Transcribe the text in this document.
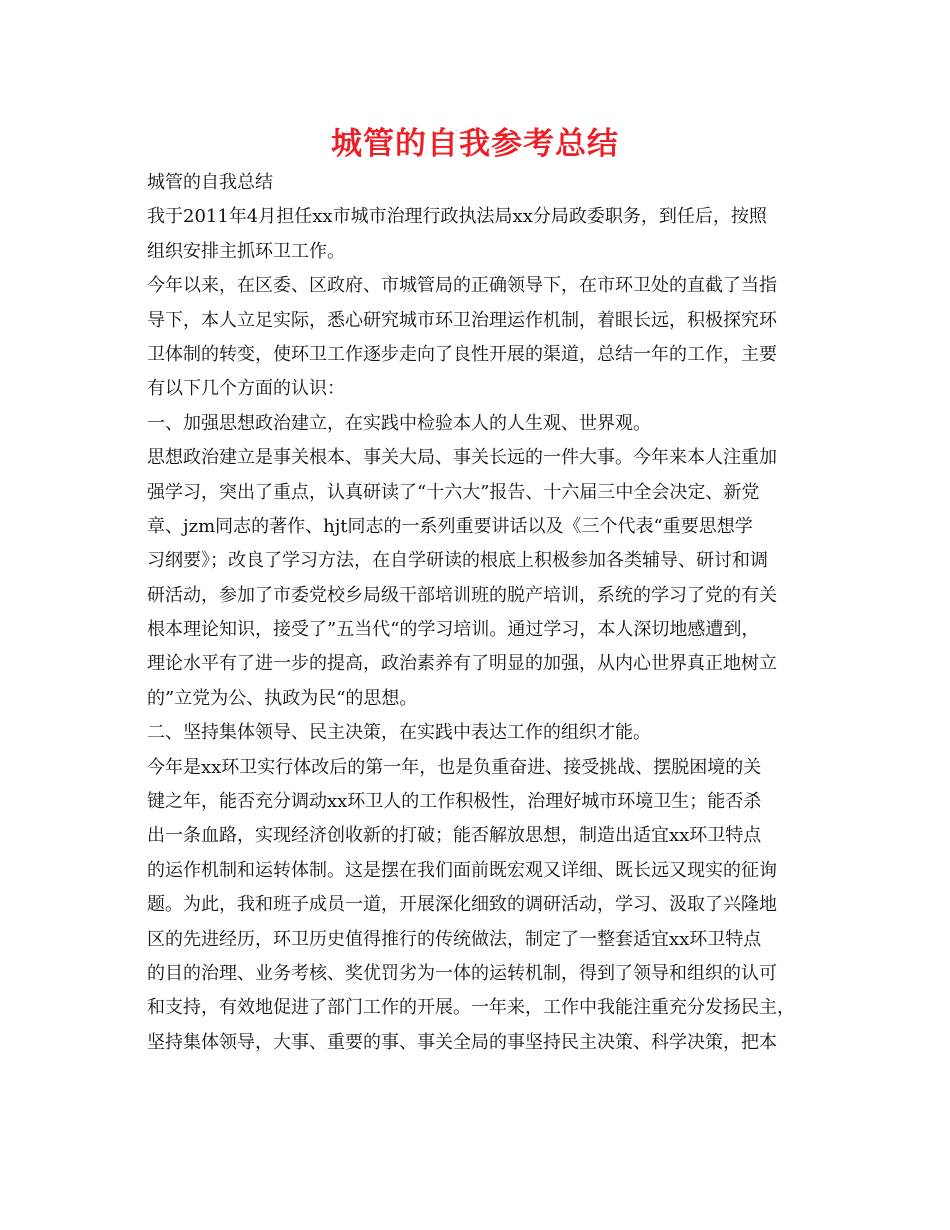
城管的自我参考总结
城管的自我总结
我于2011年4月担任xx市城市治理行政执法局xx分局政委职务，到任后，按照
组织安排主抓环卫工作。
今年以来，在区委、区政府、市城管局的正确领导下，在市环卫处的直截了当指
导下，本人立足实际，悉心研究城市环卫治理运作机制，着眼长远，积极探究环
卫体制的转变，使环卫工作逐步走向了良性开展的渠道，总结一年的工作，主要
有以下几个方面的认识：
一、加强思想政治建立，在实践中检验本人的人生观、世界观。
思想政治建立是事关根本、事关大局、事关长远的一件大事。今年来本人注重加
强学习，突出了重点，认真研读了“十六大”报告、十六届三中全会决定、新党
章、jzm同志的著作、hjt同志的一系列重要讲话以及《三个代表“重要思想学
习纲要》；改良了学习方法，在自学研读的根底上积极参加各类辅导、研讨和调
研活动，参加了市委党校乡局级干部培训班的脱产培训，系统的学习了党的有关
根本理论知识，接受了”五当代“的学习培训。通过学习，本人深切地感遭到，
理论水平有了进一步的提高，政治素养有了明显的加强，从内心世界真正地树立
的”立党为公、执政为民“的思想。
二、坚持集体领导、民主决策，在实践中表达工作的组织才能。
今年是xx环卫实行体改后的第一年，也是负重奋进、接受挑战、摆脱困境的关
键之年，能否充分调动xx环卫人的工作积极性，治理好城市环境卫生；能否杀
出一条血路，实现经济创收新的打破；能否解放思想，制造出适宜xx环卫特点
的运作机制和运转体制。这是摆在我们面前既宏观又详细、既长远又现实的征询
题。为此，我和班子成员一道，开展深化细致的调研活动，学习、汲取了兴隆地
区的先进经历，环卫历史值得推行的传统做法，制定了一整套适宜xx环卫特点
的目的治理、业务考核、奖优罚劣为一体的运转机制，得到了领导和组织的认可
和支持，有效地促进了部门工作的开展。一年来，工作中我能注重充分发扬民主，
坚持集体领导，大事、重要的事、事关全局的事坚持民主决策、科学决策，把本
